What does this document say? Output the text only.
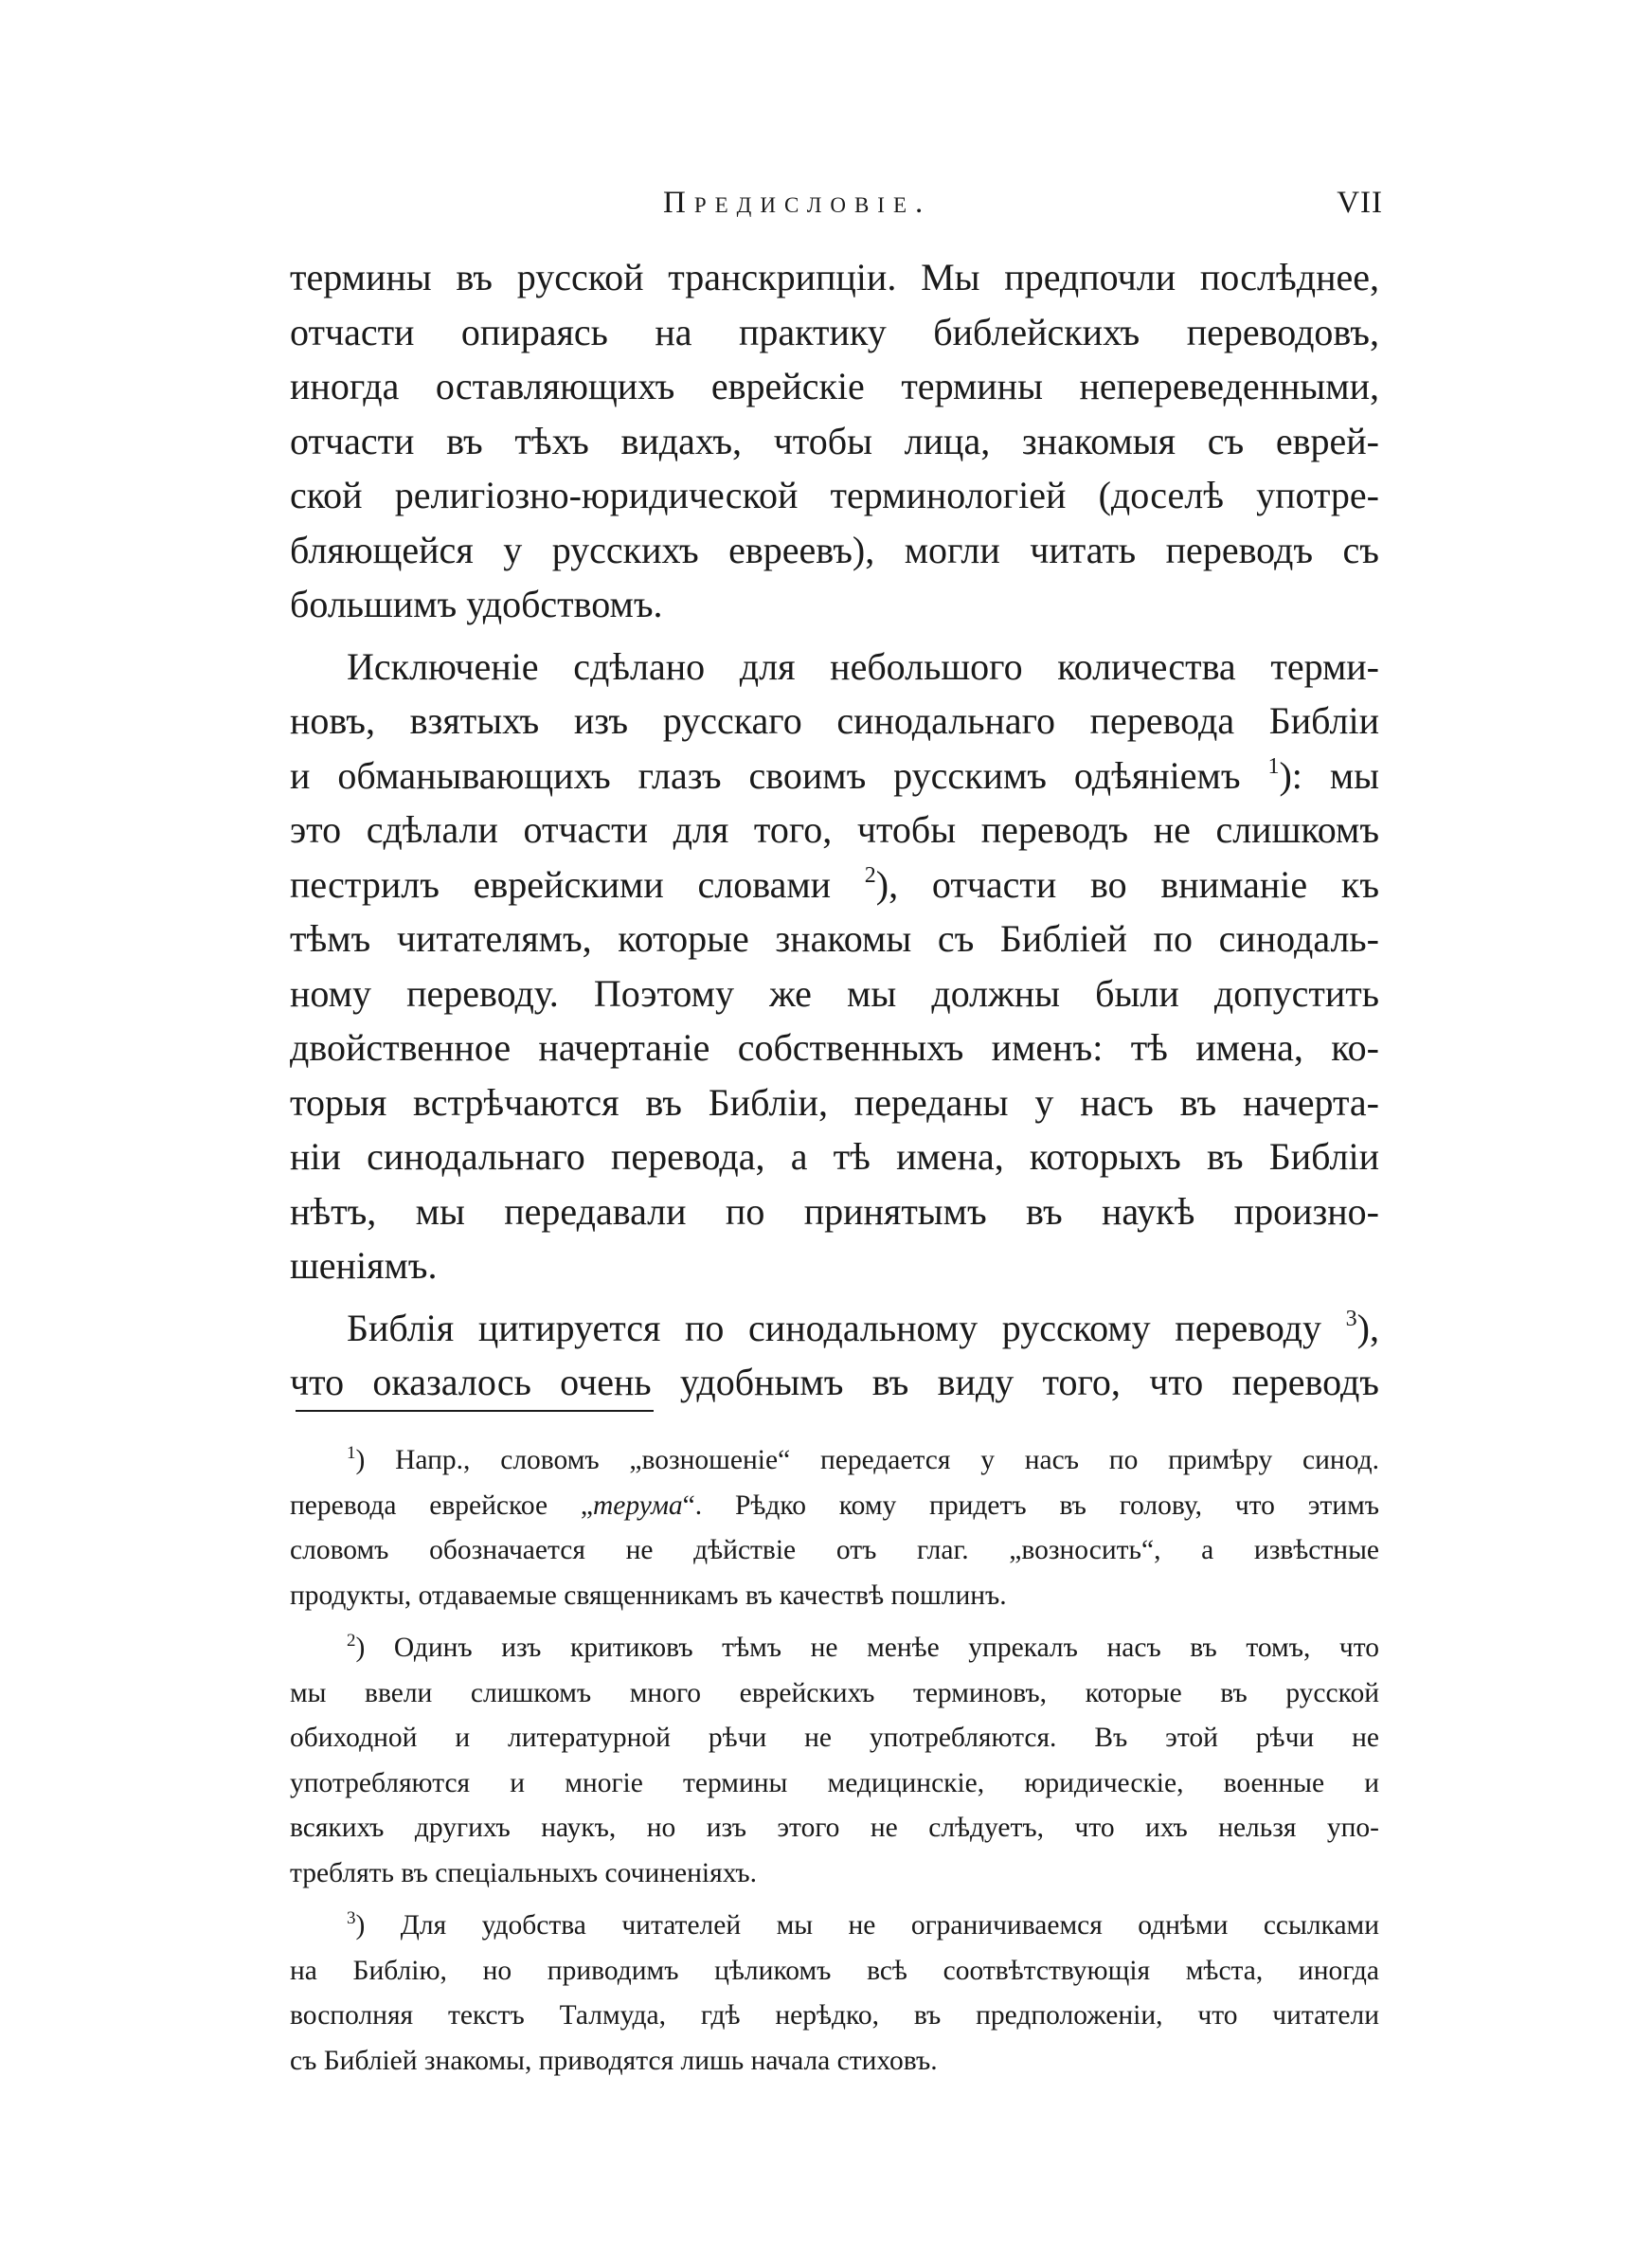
Предисловіе.	VII
термины въ русской транскрипціи. Мы предпочли послѣднее,
отчасти опираясь на практику библейскихъ переводовъ,
иногда оставляющихъ еврейскіе термины непереведенными,
отчасти въ тѣхъ видахъ, чтобы лица, знакомыя съ еврей-
ской религіозно-юридической терминологіей (доселѣ употре-
бляющейся у русскихъ евреевъ), могли читать переводъ съ
большимъ удобствомъ.
Исключеніе сдѣлано для небольшого количества терми-
новъ, взятыхъ изъ русскаго синодальнаго перевода Библіи
и обманывающихъ глазъ своимъ русскимъ одѣяніемъ $^1$): мы
это сдѣлали отчасти для того, чтобы переводъ не слишкомъ
пестрилъ еврейскими словами $^2$), отчасти во вниманіе къ
тѣмъ читателямъ, которые знакомы съ Библіей по синодаль-
ному переводу. Поэтому же мы должны были допустить
двойственное начертаніе собственныхъ именъ: тѣ имена, ко-
торыя встрѣчаются въ Библіи, переданы у насъ въ начерта-
ніи синодальнаго перевода, а тѣ имена, которыхъ въ Библіи
нѣтъ, мы передавали по принятымъ въ наукѣ произно-
шеніямъ.
Библія цитируется по синодальному русскому переводу $^3$),
что оказалось очень удобнымъ въ виду того, что переводъ
$^1$) Напр., словомъ „возношеніе“ передается у насъ по примѣру синод.
перевода еврейское „терума“. Рѣдко кому придетъ въ голову, что этимъ
словомъ обозначается не дѣйствіе отъ глаг. „возносить“, а извѣстные
продукты, отдаваемые священникамъ въ качествѣ пошлинъ.
$^2$) Одинъ изъ критиковъ тѣмъ не менѣе упрекалъ насъ въ томъ, что
мы ввели слишкомъ много еврейскихъ терминовъ, которые въ русской
обиходной и литературной рѣчи не употребляются. Въ этой рѣчи не
употребляются и многіе термины медицинскіе, юридическіе, военные и
всякихъ другихъ наукъ, но изъ этого не слѣдуетъ, что ихъ нельзя упо-
треблять въ спеціальныхъ сочиненіяхъ.
$^3$) Для удобства читателей мы не ограничиваемся однѣми ссылками
на Библію, но приводимъ цѣликомъ всѣ соотвѣтствующія мѣста, иногда
восполняя текстъ Талмуда, гдѣ нерѣдко, въ предположеніи, что читатели
съ Библіей знакомы, приводятся лишь начала стиховъ.
